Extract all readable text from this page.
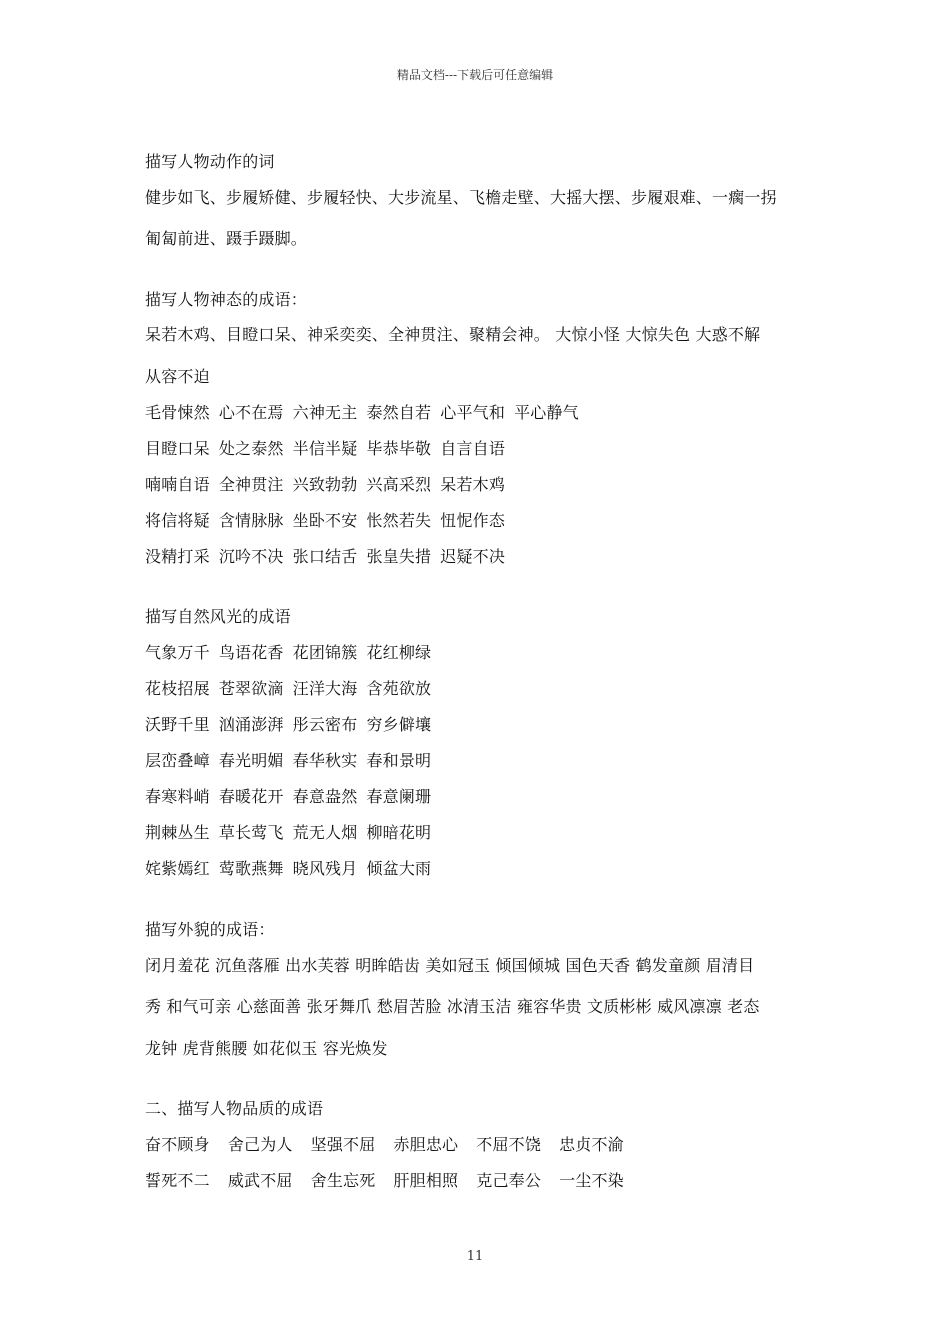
精品文档---下载后可任意编辑
描写人物动作的词
健步如飞、步履矫健、步履轻快、大步流星、飞檐走壁、大摇大摆、步履艰难、一瘸一拐
匍匐前进、蹑手蹑脚。
描写人物神态的成语：
呆若木鸡、目瞪口呆、神采奕奕、全神贯注、聚精会神。 大惊小怪 大惊失色 大惑不解
从容不迫
毛骨悚然 心不在焉 六神无主 泰然自若 心平气和 平心静气
目瞪口呆 处之泰然 半信半疑 毕恭毕敬 自言自语
喃喃自语 全神贯注 兴致勃勃 兴高采烈 呆若木鸡
将信将疑 含情脉脉 坐卧不安 怅然若失 忸怩作态
没精打采 沉吟不决 张口结舌 张皇失措 迟疑不决
描写自然风光的成语
气象万千 鸟语花香 花团锦簇 花红柳绿
花枝招展 苍翠欲滴 汪洋大海 含苑欲放
沃野千里 汹涌澎湃 彤云密布 穷乡僻壤
层峦叠嶂 春光明媚 春华秋实 春和景明
春寒料峭 春暖花开 春意盎然 春意阑珊
荆棘丛生 草长莺飞 荒无人烟 柳暗花明
姹紫嫣红 莺歌燕舞 晓风残月 倾盆大雨
描写外貌的成语：
闭月羞花 沉鱼落雁 出水芙蓉 明眸皓齿 美如冠玉 倾国倾城 国色天香 鹤发童颜 眉清目
秀 和气可亲 心慈面善 张牙舞爪 愁眉苦脸 冰清玉洁 雍容华贵 文质彬彬 威风凛凛 老态
龙钟 虎背熊腰 如花似玉 容光焕发
二、描写人物品质的成语
奋不顾身 舍己为人 坚强不屈 赤胆忠心 不屈不饶 忠贞不渝
誓死不二 威武不屈 舍生忘死 肝胆相照 克己奉公 一尘不染
11
